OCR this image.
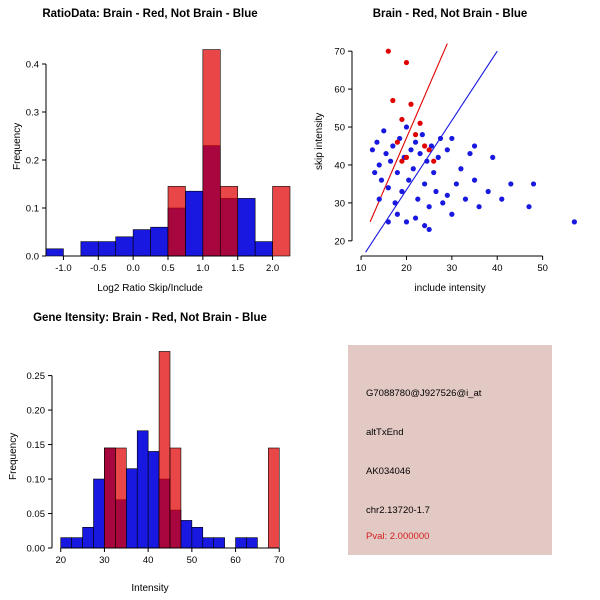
RatioData: Brain - Red, Not Brain - Blue
Frequency
Log2 Ratio Skip/Include
-1.0 -0.5 0.0 0.5 1.0 1.5 2.0
0.0
0.1
0.2
0.3
0.4
Brain - Red, Not Brain - Blue
skip intensity
include intensity
10	20	30	40	50
20
30
40
50
60
70
Gene Itensity: Brain - Red, Not Brain - Blue
Frequency
Intensity
20	30	40	50	60	70
0.00
0.05
0.10
0.15
0.20
0.25
G7088780@J927526@i_at
altTxEnd
AK034046
chr2.13720-1.7
Pval: 2.000000
